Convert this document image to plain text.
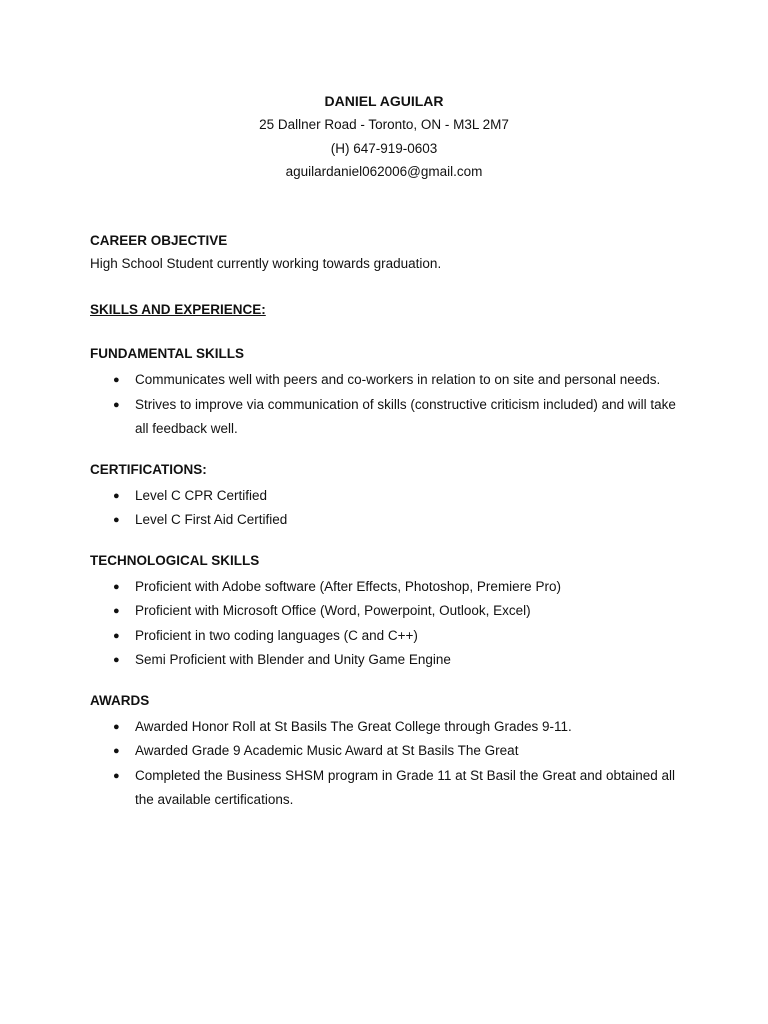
DANIEL AGUILAR
25 Dallner Road - Toronto, ON - M3L 2M7
(H) 647-919-0603
aguilardaniel062006@gmail.com
CAREER OBJECTIVE
High School Student currently working towards graduation.
SKILLS AND EXPERIENCE:
FUNDAMENTAL SKILLS
● Communicates well with peers and co-workers in relation to on site and personal needs.
● Strives to improve via communication of skills (constructive criticism included) and will take all feedback well.
CERTIFICATIONS:
● Level C CPR Certified
● Level C First Aid Certified
TECHNOLOGICAL SKILLS
● Proficient with Adobe software (After Effects, Photoshop, Premiere Pro)
● Proficient with Microsoft Office (Word, Powerpoint, Outlook, Excel)
● Proficient in two coding languages (C and C++)
● Semi Proficient with Blender and Unity Game Engine
AWARDS
● Awarded Honor Roll at St Basils The Great College through Grades 9-11.
● Awarded Grade 9 Academic Music Award at St Basils The Great
● Completed the Business SHSM program in Grade 11 at St Basil the Great and obtained all the available certifications.
